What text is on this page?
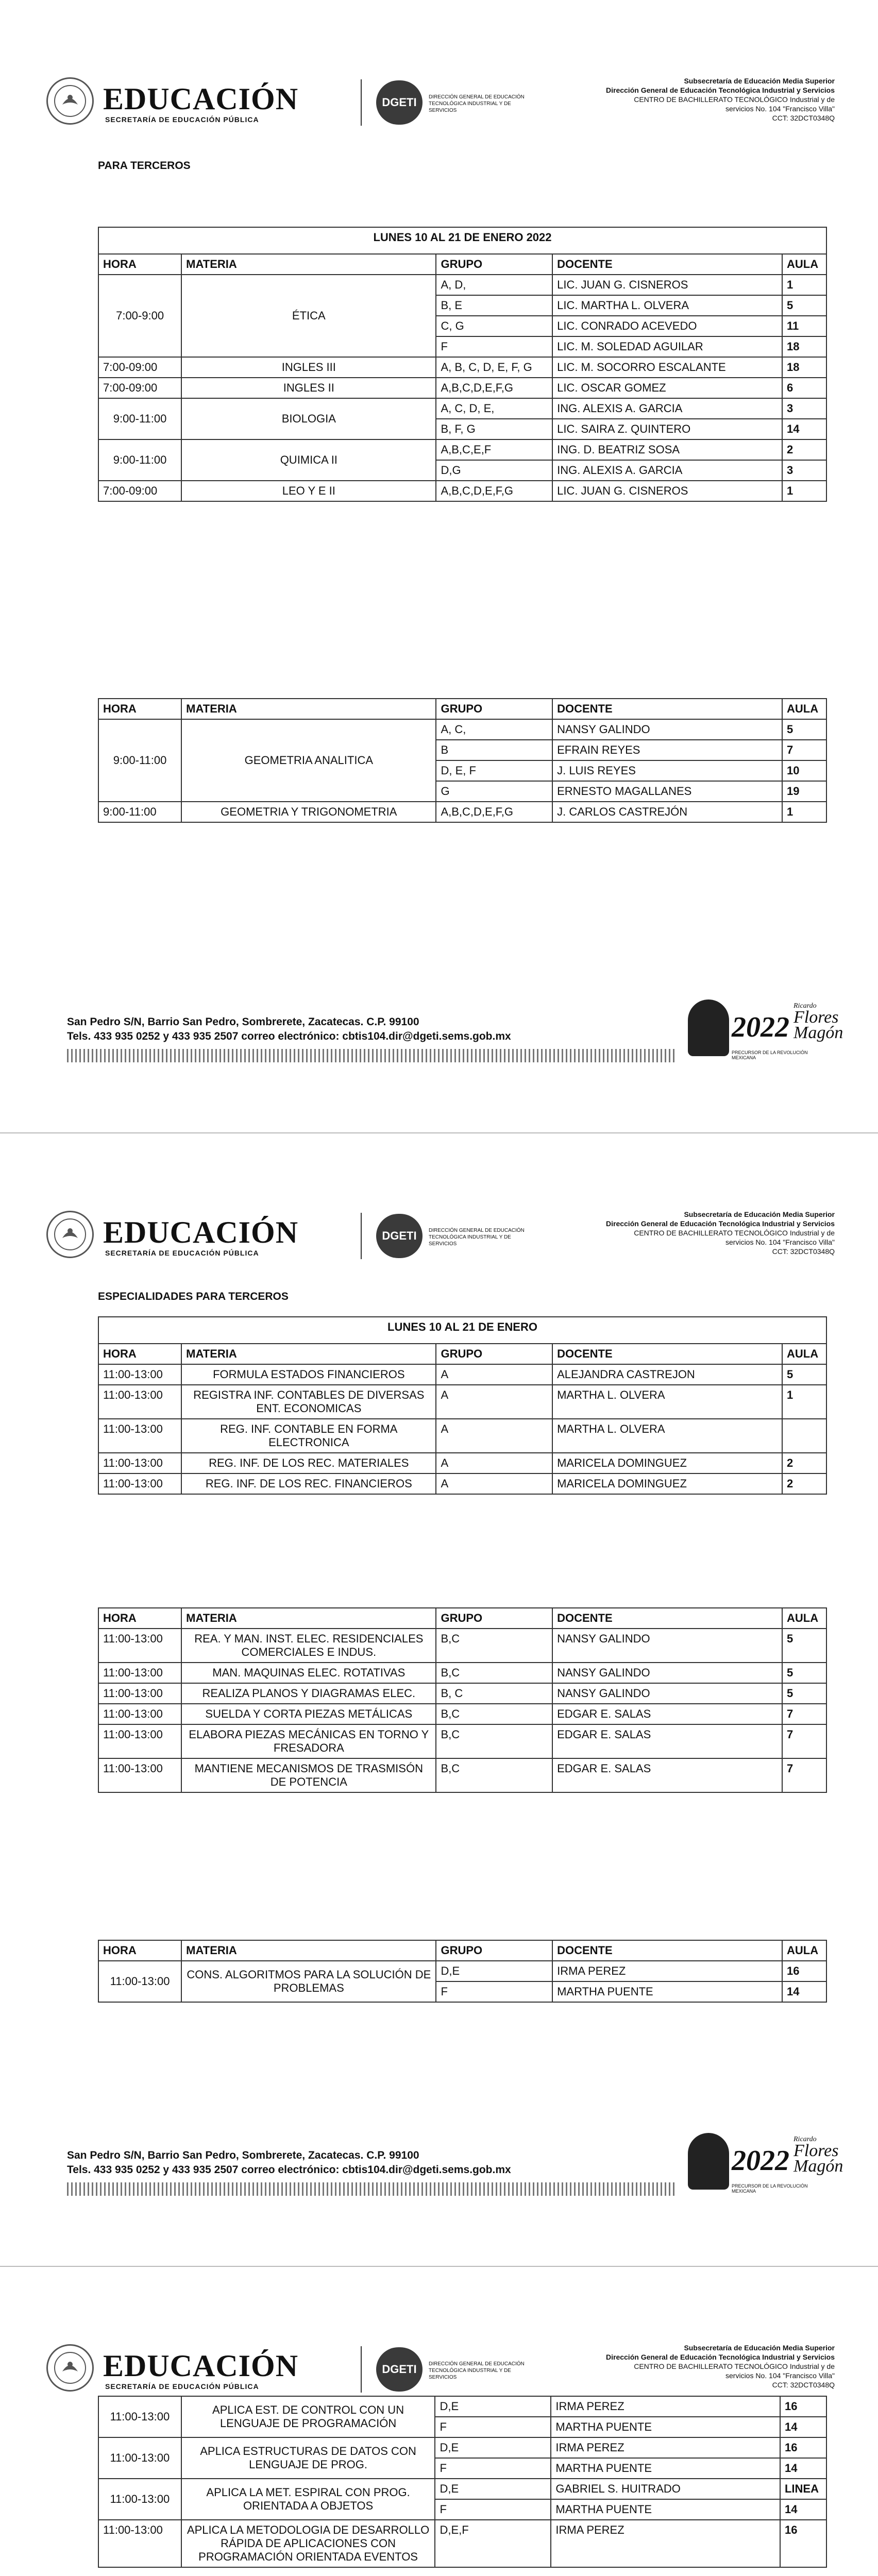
EDUCACIÓN
SECRETARÍA DE EDUCACIÓN PÚBLICA
DGETI	DIRECCIÓN GENERAL DE EDUCACIÓN TECNOLÓGICA INDUSTRIAL Y DE SERVICIOS
Subsecretaría de Educación Media Superior
Dirección General de Educación Tecnológica Industrial y Servicios
CENTRO DE BACHILLERATO TECNOLÓGICO Industrial y de
servicios No. 104 "Francisco Villa"
CCT: 32DCT0348Q
PARA TERCEROS
LUNES 10 AL 21 DE ENERO 2022				
HORA	MATERIA	GRUPO	DOCENTE	AULA
7:00-9:00	ÉTICA	A, D,	LIC. JUAN G. CISNEROS	1
		B, E	LIC. MARTHA L. OLVERA	5
		C, G	LIC. CONRADO ACEVEDO	11
		F	LIC. M. SOLEDAD AGUILAR	18
7:00-09:00	INGLES III	A, B, C, D, E, F, G	LIC. M. SOCORRO ESCALANTE	18
7:00-09:00	INGLES II	A,B,C,D,E,F,G	LIC. OSCAR GOMEZ	6
9:00-11:00	BIOLOGIA	A, C, D, E,	ING. ALEXIS A. GARCIA	3
		B, F, G	LIC. SAIRA Z. QUINTERO	14
9:00-11:00	QUIMICA II	A,B,C,E,F	ING. D. BEATRIZ SOSA	2
		D,G	ING. ALEXIS A. GARCIA	3
7:00-09:00	LEO Y E II	A,B,C,D,E,F,G	LIC. JUAN G. CISNEROS	1
HORA	MATERIA	GRUPO	DOCENTE	AULA
9:00-11:00	GEOMETRIA ANALITICA	A, C,	NANSY GALINDO	5
		B	EFRAIN REYES	7
		D, E, F	J. LUIS REYES	10
		G	ERNESTO MAGALLANES	19
9:00-11:00	GEOMETRIA Y TRIGONOMETRIA	A,B,C,D,E,F,G	J. CARLOS CASTREJÓN	1
San Pedro S/N, Barrio San Pedro, Sombrerete, Zacatecas. C.P. 99100
Tels. 433 935 0252 y 433 935 2507 correo electrónico: cbtis104.dir@dgeti.sems.gob.mx	2022
Ricardo
Flores
Magón
PRECURSOR DE LA REVOLUCIÓN MEXICANA
EDUCACIÓN
SECRETARÍA DE EDUCACIÓN PÚBLICA
DGETI	DIRECCIÓN GENERAL DE EDUCACIÓN TECNOLÓGICA INDUSTRIAL Y DE SERVICIOS
Subsecretaría de Educación Media Superior
Dirección General de Educación Tecnológica Industrial y Servicios
CENTRO DE BACHILLERATO TECNOLÓGICO Industrial y de
servicios No. 104 "Francisco Villa"
CCT: 32DCT0348Q
ESPECIALIDADES PARA TERCEROS
LUNES 10 AL 21 DE ENERO				
HORA	MATERIA	GRUPO	DOCENTE	AULA
11:00-13:00	FORMULA ESTADOS FINANCIEROS	A	ALEJANDRA CASTREJON	5
11:00-13:00	REGISTRA INF. CONTABLES DE DIVERSAS ENT. ECONOMICAS	A	MARTHA L. OLVERA	1
11:00-13:00	REG. INF. CONTABLE EN FORMA ELECTRONICA	A	MARTHA L. OLVERA	
11:00-13:00	REG. INF. DE LOS REC. MATERIALES	A	MARICELA DOMINGUEZ	2
11:00-13:00	REG. INF. DE LOS REC. FINANCIEROS	A	MARICELA DOMINGUEZ	2
HORA	MATERIA	GRUPO	DOCENTE	AULA
11:00-13:00	REA. Y MAN. INST. ELEC. RESIDENCIALES COMERCIALES E INDUS.	B,C	NANSY GALINDO	5
11:00-13:00	MAN. MAQUINAS ELEC. ROTATIVAS	B,C	NANSY GALINDO	5
11:00-13:00	REALIZA PLANOS Y DIAGRAMAS ELEC.	B, C	NANSY GALINDO	5
11:00-13:00	SUELDA Y CORTA PIEZAS METÁLICAS	B,C	EDGAR E. SALAS	7
11:00-13:00	ELABORA PIEZAS MECÁNICAS EN TORNO Y FRESADORA	B,C	EDGAR E. SALAS	7
11:00-13:00	MANTIENE MECANISMOS DE TRASMISÓN DE POTENCIA	B,C	EDGAR E. SALAS	7
HORA	MATERIA	GRUPO	DOCENTE	AULA
11:00-13:00	CONS. ALGORITMOS PARA LA SOLUCIÓN DE PROBLEMAS	D,E	IRMA PEREZ	16
		F	MARTHA PUENTE	14
San Pedro S/N, Barrio San Pedro, Sombrerete, Zacatecas. C.P. 99100
Tels. 433 935 0252 y 433 935 2507 correo electrónico: cbtis104.dir@dgeti.sems.gob.mx	2022
Ricardo
Flores
Magón
PRECURSOR DE LA REVOLUCIÓN MEXICANA
EDUCACIÓN
SECRETARÍA DE EDUCACIÓN PÚBLICA
DGETI	DIRECCIÓN GENERAL DE EDUCACIÓN TECNOLÓGICA INDUSTRIAL Y DE SERVICIOS
Subsecretaría de Educación Media Superior
Dirección General de Educación Tecnológica Industrial y Servicios
CENTRO DE BACHILLERATO TECNOLÓGICO Industrial y de
servicios No. 104 "Francisco Villa"
CCT: 32DCT0348Q
11:00-13:00	APLICA EST. DE CONTROL CON UN LENGUAJE DE PROGRAMACIÓN	D,E	IRMA PEREZ	16
		F	MARTHA PUENTE	14
11:00-13:00	APLICA ESTRUCTURAS DE DATOS CON LENGUAJE DE PROG.	D,E	IRMA PEREZ	16
		F	MARTHA PUENTE	14
11:00-13:00	APLICA LA MET. ESPIRAL CON PROG. ORIENTADA A OBJETOS	D,E	GABRIEL S. HUITRADO	LINEA
		F	MARTHA PUENTE	14
11:00-13:00	APLICA LA METODOLOGIA DE DESARROLLO RÁPIDA DE APLICACIONES CON PROGRAMACIÓN ORIENTADA EVENTOS	D,E,F	IRMA PEREZ	16
